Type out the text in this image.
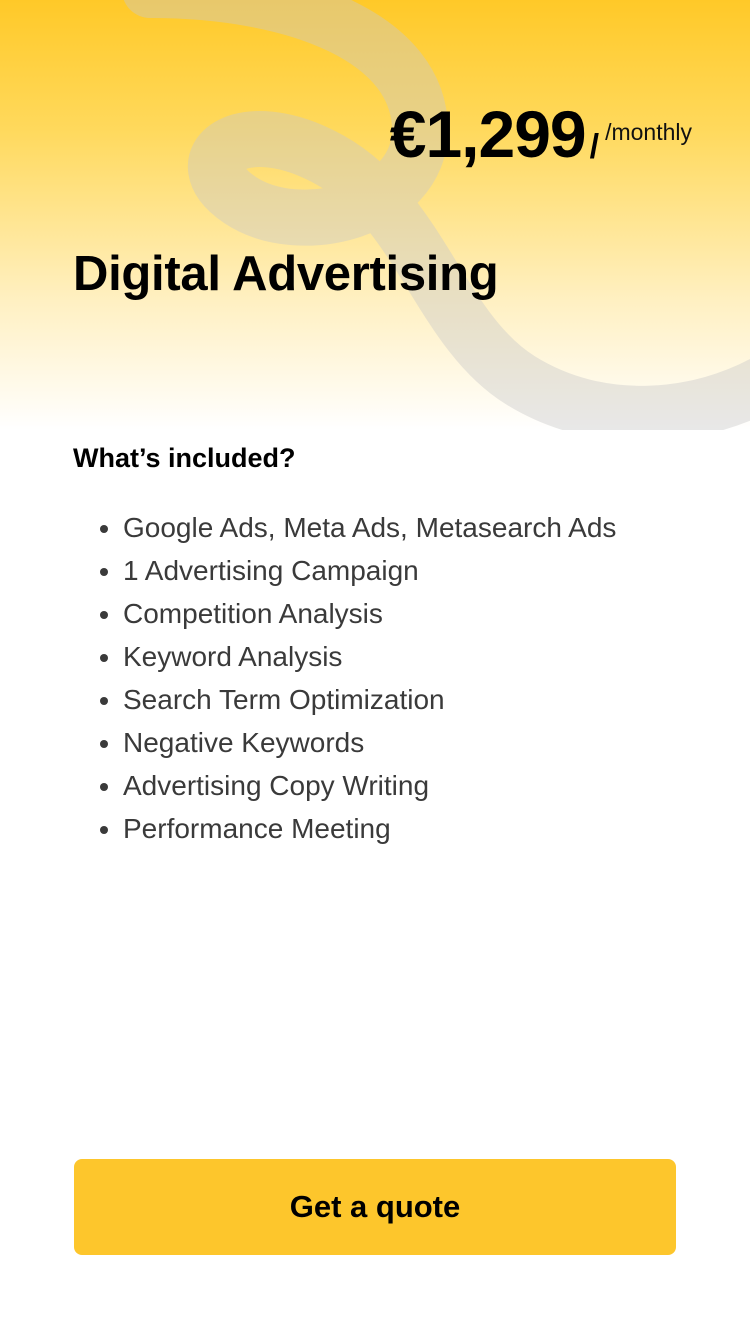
€1,299 / /monthly
Digital Advertising
What’s included?
• Google Ads, Meta Ads, Metasearch Ads
• 1 Advertising Campaign
• Competition Analysis
• Keyword Analysis
• Search Term Optimization
• Negative Keywords
• Advertising Copy Writing
• Performance Meeting
Get a quote
